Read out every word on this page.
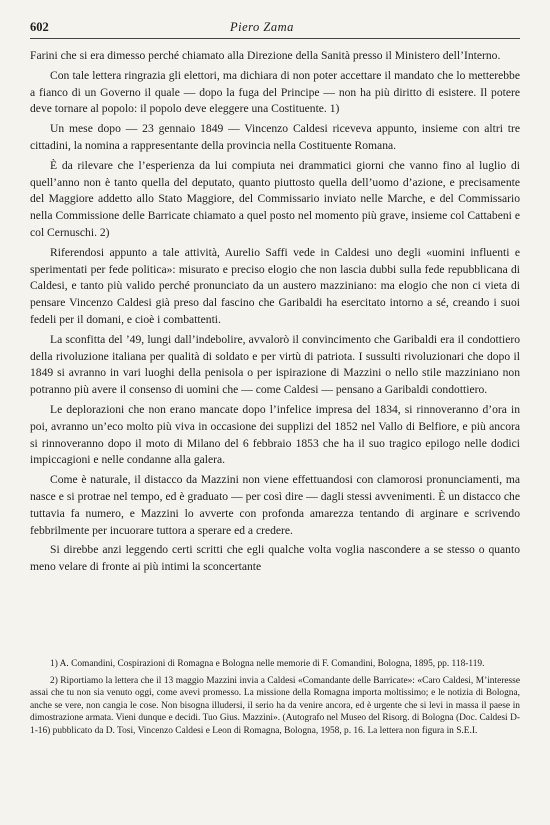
602	Piero Zama

Farini che si era dimesso perché chiamato alla Direzione della Sanità presso il Ministero dell’Interno.

Con tale lettera ringrazia gli elettori, ma dichiara di non poter accettare il mandato che lo metterebbe a fianco di un Governo il quale — dopo la fuga del Principe — non ha più diritto di esistere. Il potere deve tornare al popolo: il popolo deve eleggere una Costituente. 1)

Un mese dopo — 23 gennaio 1849 — Vincenzo Caldesi riceveva appunto, insieme con altri tre cittadini, la nomina a rappresentante della provincia nella Costituente Romana.

È da rilevare che l’esperienza da lui compiuta nei drammatici giorni che vanno fino al luglio di quell’anno non è tanto quella del deputato, quanto piuttosto quella dell’uomo d’azione, e precisamente del Maggiore addetto allo Stato Maggiore, del Commissario inviato nelle Marche, e del Commissario nella Commissione delle Barricate chiamato a quel posto nel momento più grave, insieme col Cattabeni e col Cernuschi. 2)

Riferendosi appunto a tale attività, Aurelio Saffi vede in Caldesi uno degli «uomini influenti e sperimentati per fede politica»: misurato e preciso elogio che non lascia dubbi sulla fede repubblicana di Caldesi, e tanto più valido perché pronunciato da un austero mazziniano: ma elogio che non ci vieta di pensare Vincenzo Caldesi già preso dal fascino che Garibaldi ha esercitato intorno a sé, creando i suoi fedeli per il domani, e cioè i combattenti.

La sconfitta del ’49, lungi dall’indebolire, avvalorò il convincimento che Garibaldi era il condottiero della rivoluzione italiana per qualità di soldato e per virtù di patriota. I sussulti rivoluzionari che dopo il 1849 si avranno in vari luoghi della penisola o per ispirazione di Mazzini o nello stile mazziniano non potranno più avere il consenso di uomini che — come Caldesi — pensano a Garibaldi condottiero.

Le deplorazioni che non erano mancate dopo l’infelice impresa del 1834, si rinnoveranno d’ora in poi, avranno un’eco molto più viva in occasione dei supplizi del 1852 nel Vallo di Belfiore, e più ancora si rinnoveranno dopo il moto di Milano del 6 febbraio 1853 che ha il suo tragico epilogo nelle dodici impiccagioni e nelle condanne alla galera.

Come è naturale, il distacco da Mazzini non viene effettuandosi con clamorosi pronunciamenti, ma nasce e si protrae nel tempo, ed è graduato — per così dire — dagli stessi avvenimenti. È un distacco che tuttavia fa numero, e Mazzini lo avverte con profonda amarezza tentando di arginare e scrivendo febbrilmente per incuorare tuttora a sperare ed a credere.

Si direbbe anzi leggendo certi scritti che egli qualche volta voglia nascondere a se stesso o quanto meno velare di fronte ai più intimi la sconcertante

1) A. Comandini, Cospirazioni di Romagna e Bologna nelle memorie di F. Comandini, Bologna, 1895, pp. 118-119.

2) Riportiamo la lettera che il 13 maggio Mazzini invia a Caldesi «Comandante delle Barricate»: «Caro Caldesi, M’interesse assai che tu non sia venuto oggi, come avevi promesso. La missione della Romagna importa moltissimo; e le notizia di Bologna, anche se vere, non cangia le cose. Non bisogna illudersi, il serio ha da venire ancora, ed è urgente che si levi in massa il paese in dimostrazione armata. Vieni dunque e decidi. Tuo Gius. Mazzini». (Autografo nel Museo del Risorg. di Bologna (Doc. Caldesi D-1-16) pubblicato da D. Tosi, Vincenzo Caldesi e Leon di Romagna, Bologna, 1958, p. 16. La lettera non figura in S.E.I.
